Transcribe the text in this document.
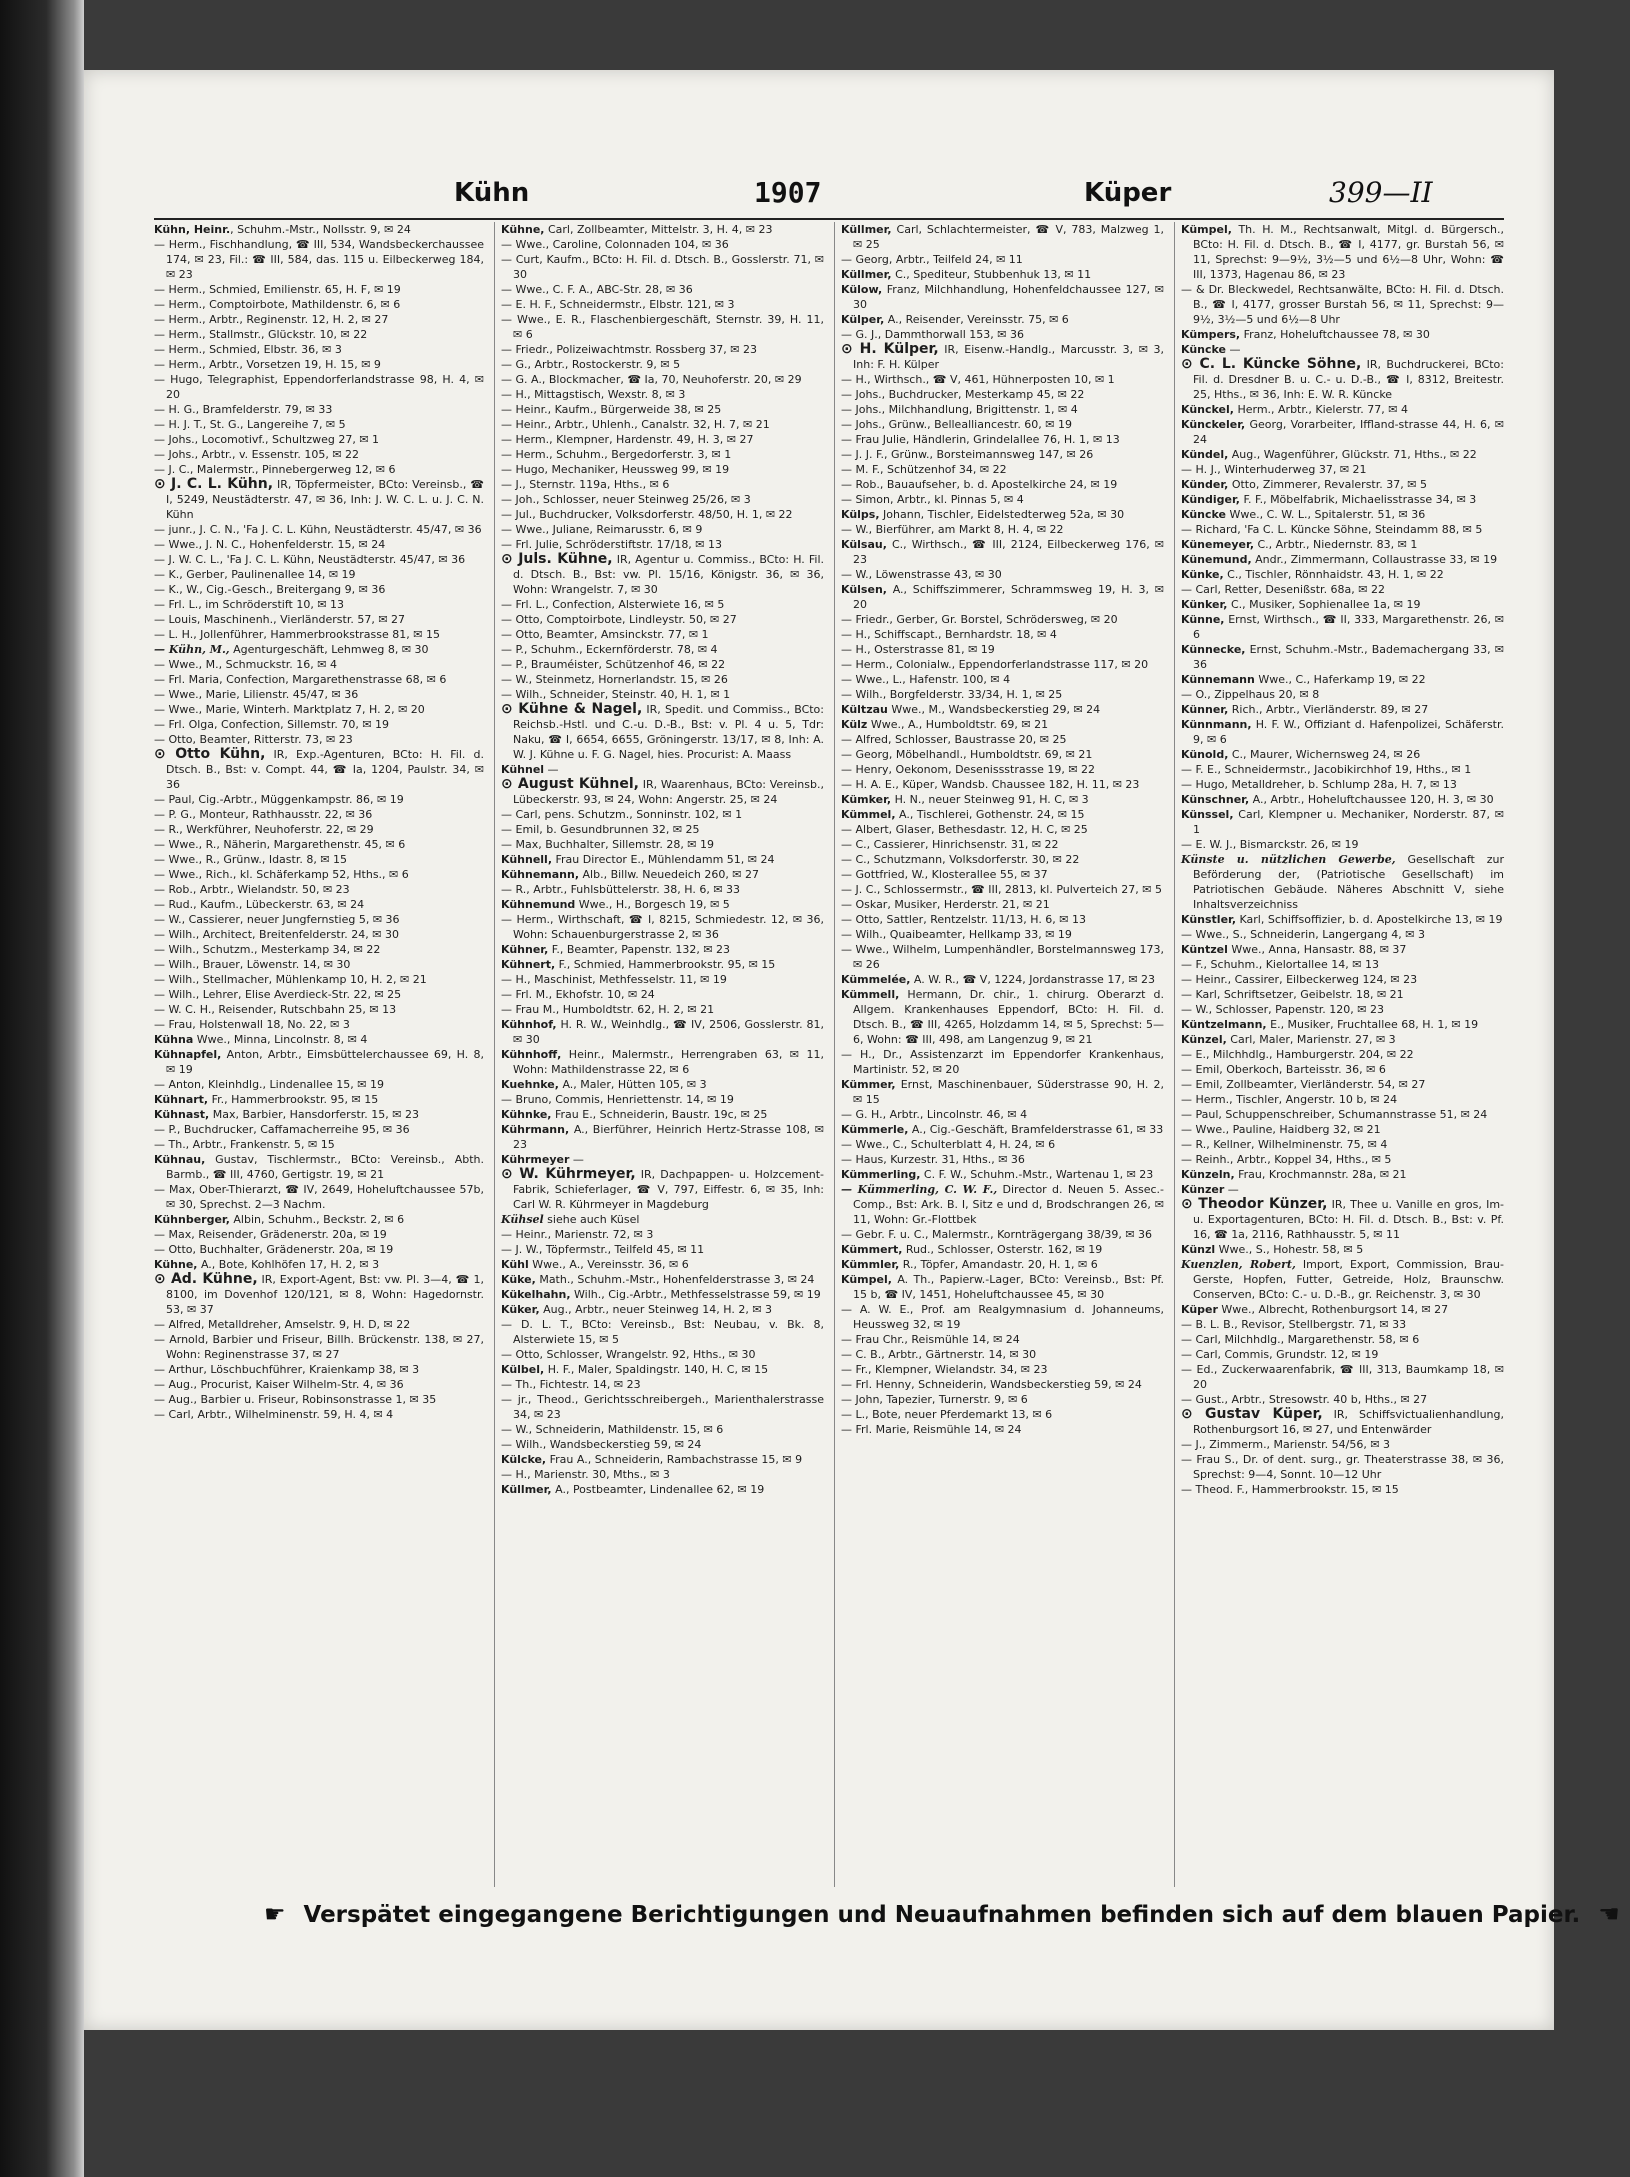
Kühn	1907	Küper	399—II
Kühn, Heinr., Schuhm.-Mstr., Nollsstr. 9, ✉ 24
— Herm., Fischhandlung, ☎ III, 534, Wandsbeckerchaussee 174, ✉ 23, Fil.: ☎ III, 584, das. 115 u. Eilbeckerweg 184, ✉ 23
— Herm., Schmied, Emilienstr. 65, H. F, ✉ 19
— Herm., Comptoirbote, Mathildenstr. 6, ✉ 6
— Herm., Arbtr., Reginenstr. 12, H. 2, ✉ 27
— Herm., Stallmstr., Glückstr. 10, ✉ 22
— Herm., Schmied, Elbstr. 36, ✉ 3
— Herm., Arbtr., Vorsetzen 19, H. 15, ✉ 9
— Hugo, Telegraphist, Eppendorferlandstrasse 98, H. 4, ✉ 20
— H. G., Bramfelderstr. 79, ✉ 33
— H. J. T., St. G., Langereihe 7, ✉ 5
— Johs., Locomotivf., Schultzweg 27, ✉ 1
— Johs., Arbtr., v. Essenstr. 105, ✉ 22
— J. C., Malermstr., Pinnebergerweg 12, ✉ 6
⊙ J. C. L. Kühn, IR, Töpfermeister, BCto: Vereinsb., ☎ I, 5249, Neustädterstr. 47, ✉ 36, Inh: J. W. C. L. u. J. C. N. Kühn
— junr., J. C. N., 'Fa J. C. L. Kühn, Neustädterstr. 45/47, ✉ 36
— Wwe., J. N. C., Hohenfelderstr. 15, ✉ 24
— J. W. C. L., 'Fa J. C. L. Kühn, Neustädterstr. 45/47, ✉ 36
— K., Gerber, Paulinenallee 14, ✉ 19
— K., W., Cig.-Gesch., Breitergang 9, ✉ 36
— Frl. L., im Schröderstift 10, ✉ 13
— Louis, Maschinenh., Vierländerstr. 57, ✉ 27
— L. H., Jollenführer, Hammerbrookstrasse 81, ✉ 15
— Kühn, M., Agenturgeschäft, Lehmweg 8, ✉ 30
— Wwe., M., Schmuckstr. 16, ✉ 4
— Frl. Maria, Confection, Margarethenstrasse 68, ✉ 6
— Wwe., Marie, Lilienstr. 45/47, ✉ 36
— Wwe., Marie, Winterh. Marktplatz 7, H. 2, ✉ 20
— Frl. Olga, Confection, Sillemstr. 70, ✉ 19
— Otto, Beamter, Ritterstr. 73, ✉ 23
⊙ Otto Kühn, IR, Exp.-Agenturen, BCto: H. Fil. d. Dtsch. B., Bst: v. Compt. 44, ☎ Ia, 1204, Paulstr. 34, ✉ 36
— Paul, Cig.-Arbtr., Müggenkampstr. 86, ✉ 19
— P. G., Monteur, Rathhausstr. 22, ✉ 36
— R., Werkführer, Neuhoferstr. 22, ✉ 29
— Wwe., R., Näherin, Margarethenstr. 45, ✉ 6
— Wwe., R., Grünw., Idastr. 8, ✉ 15
— Wwe., Rich., kl. Schäferkamp 52, Hths., ✉ 6
— Rob., Arbtr., Wielandstr. 50, ✉ 23
— Rud., Kaufm., Lübeckerstr. 63, ✉ 24
— W., Cassierer, neuer Jungfernstieg 5, ✉ 36
— Wilh., Architect, Breitenfelderstr. 24, ✉ 30
— Wilh., Schutzm., Mesterkamp 34, ✉ 22
— Wilh., Brauer, Löwenstr. 14, ✉ 30
— Wilh., Stellmacher, Mühlenkamp 10, H. 2, ✉ 21
— Wilh., Lehrer, Elise Averdieck-Str. 22, ✉ 25
— W. C. H., Reisender, Rutschbahn 25, ✉ 13
— Frau, Holstenwall 18, No. 22, ✉ 3
Kühna Wwe., Minna, Lincolnstr. 8, ✉ 4
Kühnapfel, Anton, Arbtr., Eimsbüttelerchaussee 69, H. 8, ✉ 19
— Anton, Kleinhdlg., Lindenallee 15, ✉ 19
Kühnart, Fr., Hammerbrookstr. 95, ✉ 15
Kühnast, Max, Barbier, Hansdorferstr. 15, ✉ 23
— P., Buchdrucker, Caffamacherreihe 95, ✉ 36
— Th., Arbtr., Frankenstr. 5, ✉ 15
Kühnau, Gustav, Tischlermstr., BCto: Vereinsb., Abth. Barmb., ☎ III, 4760, Gertigstr. 19, ✉ 21
— Max, Ober-Thierarzt, ☎ IV, 2649, Hoheluftchaussee 57b, ✉ 30, Sprechst. 2—3 Nachm.
Kühnberger, Albin, Schuhm., Beckstr. 2, ✉ 6
— Max, Reisender, Grädenerstr. 20a, ✉ 19
— Otto, Buchhalter, Grädenerstr. 20a, ✉ 19
Kühne, A., Bote, Kohlhöfen 17, H. 2, ✉ 3
⊙ Ad. Kühne, IR, Export-Agent, Bst: vw. Pl. 3—4, ☎ 1, 8100, im Dovenhof 120/121, ✉ 8, Wohn: Hagedornstr. 53, ✉ 37
— Alfred, Metalldreher, Amselstr. 9, H. D, ✉ 22
— Arnold, Barbier und Friseur, Billh. Brückenstr. 138, ✉ 27, Wohn: Reginenstrasse 37, ✉ 27
— Arthur, Löschbuchführer, Kraienkamp 38, ✉ 3
— Aug., Procurist, Kaiser Wilhelm-Str. 4, ✉ 36
— Aug., Barbier u. Friseur, Robinsonstrasse 1, ✉ 35
— Carl, Arbtr., Wilhelminenstr. 59, H. 4, ✉ 4
Kühne, Carl, Zollbeamter, Mittelstr. 3, H. 4, ✉ 23
— Wwe., Caroline, Colonnaden 104, ✉ 36
— Curt, Kaufm., BCto: H. Fil. d. Dtsch. B., Gosslerstr. 71, ✉ 30
— Wwe., C. F. A., ABC-Str. 28, ✉ 36
— E. H. F., Schneidermstr., Elbstr. 121, ✉ 3
— Wwe., E. R., Flaschenbiergeschäft, Sternstr. 39, H. 11, ✉ 6
— Friedr., Polizeiwachtmstr. Rossberg 37, ✉ 23
— G., Arbtr., Rostockerstr. 9, ✉ 5
— G. A., Blockmacher, ☎ Ia, 70, Neuhoferstr. 20, ✉ 29
— H., Mittagstisch, Wexstr. 8, ✉ 3
— Heinr., Kaufm., Bürgerweide 38, ✉ 25
— Heinr., Arbtr., Uhlenh., Canalstr. 32, H. 7, ✉ 21
— Herm., Klempner, Hardenstr. 49, H. 3, ✉ 27
— Herm., Schuhm., Bergedorferstr. 3, ✉ 1
— Hugo, Mechaniker, Heussweg 99, ✉ 19
— J., Sternstr. 119a, Hths., ✉ 6
— Joh., Schlosser, neuer Steinweg 25/26, ✉ 3
— Jul., Buchdrucker, Volksdorferstr. 48/50, H. 1, ✉ 22
— Wwe., Juliane, Reimarusstr. 6, ✉ 9
— Frl. Julie, Schröderstiftstr. 17/18, ✉ 13
⊙ Juls. Kühne, IR, Agentur u. Commiss., BCto: H. Fil. d. Dtsch. B., Bst: vw. Pl. 15/16, Königstr. 36, ✉ 36, Wohn: Wrangelstr. 7, ✉ 30
— Frl. L., Confection, Alsterwiete 16, ✉ 5
— Otto, Comptoirbote, Lindleystr. 50, ✉ 27
— Otto, Beamter, Amsinckstr. 77, ✉ 1
— P., Schuhm., Eckernförderstr. 78, ✉ 4
— P., Brauméister, Schützenhof 46, ✉ 22
— W., Steinmetz, Hornerlandstr. 15, ✉ 26
— Wilh., Schneider, Steinstr. 40, H. 1, ✉ 1
⊙ Kühne & Nagel, IR, Spedit. und Commiss., BCto: Reichsb.-Hstl. und C.-u. D.-B., Bst: v. Pl. 4 u. 5, Tdr: Naku, ☎ I, 6654, 6655, Gröningerstr. 13/17, ✉ 8, Inh: A. W. J. Kühne u. F. G. Nagel, hies. Procurist: A. Maass
Kühnel —
⊙ August Kühnel, IR, Waarenhaus, BCto: Vereinsb., Lübeckerstr. 93, ✉ 24, Wohn: Angerstr. 25, ✉ 24
— Carl, pens. Schutzm., Sonninstr. 102, ✉ 1
— Emil, b. Gesundbrunnen 32, ✉ 25
— Max, Buchhalter, Sillemstr. 28, ✉ 19
Kühnell, Frau Director E., Mühlendamm 51, ✉ 24
Kühnemann, Alb., Billw. Neuedeich 260, ✉ 27
— R., Arbtr., Fuhlsbüttelerstr. 38, H. 6, ✉ 33
Kühnemund Wwe., H., Borgesch 19, ✉ 5
— Herm., Wirthschaft, ☎ I, 8215, Schmiedestr. 12, ✉ 36, Wohn: Schauenburgerstrasse 2, ✉ 36
Kühner, F., Beamter, Papenstr. 132, ✉ 23
Kühnert, F., Schmied, Hammerbrookstr. 95, ✉ 15
— H., Maschinist, Methfesselstr. 11, ✉ 19
— Frl. M., Ekhofstr. 10, ✉ 24
— Frau M., Humboldtstr. 62, H. 2, ✉ 21
Kühnhof, H. R. W., Weinhdlg., ☎ IV, 2506, Gosslerstr. 81, ✉ 30
Kühnhoff, Heinr., Malermstr., Herrengraben 63, ✉ 11, Wohn: Mathildenstrasse 22, ✉ 6
Kuehnke, A., Maler, Hütten 105, ✉ 3
— Bruno, Commis, Henriettenstr. 14, ✉ 19
Kühnke, Frau E., Schneiderin, Baustr. 19c, ✉ 25
Kührmann, A., Bierführer, Heinrich Hertz-Strasse 108, ✉ 23
Kührmeyer —
⊙ W. Kührmeyer, IR, Dachpappen- u. Holzcement-Fabrik, Schieferlager, ☎ V, 797, Eiffestr. 6, ✉ 35, Inh: Carl W. R. Kührmeyer in Magdeburg
Kühsel siehe auch Küsel
— Heinr., Marienstr. 72, ✉ 3
— J. W., Töpfermstr., Teilfeld 45, ✉ 11
Kühl Wwe., A., Vereinsstr. 36, ✉ 6
Küke, Math., Schuhm.-Mstr., Hohenfelderstrasse 3, ✉ 24
Kükelhahn, Wilh., Cig.-Arbtr., Methfesselstrasse 59, ✉ 19
Küker, Aug., Arbtr., neuer Steinweg 14, H. 2, ✉ 3
— D. L. T., BCto: Vereinsb., Bst: Neubau, v. Bk. 8, Alsterwiete 15, ✉ 5
— Otto, Schlosser, Wrangelstr. 92, Hths., ✉ 30
Külbel, H. F., Maler, Spaldingstr. 140, H. C, ✉ 15
— Th., Fichtestr. 14, ✉ 23
— jr., Theod., Gerichtsschreibergeh., Marienthalerstrasse 34, ✉ 23
— W., Schneiderin, Mathildenstr. 15, ✉ 6
— Wilh., Wandsbeckerstieg 59, ✉ 24
Külcke, Frau A., Schneiderin, Rambachstrasse 15, ✉ 9
— H., Marienstr. 30, Mths., ✉ 3
Küllmer, A., Postbeamter, Lindenallee 62, ✉ 19
Küllmer, Carl, Schlachtermeister, ☎ V, 783, Malzweg 1, ✉ 25
— Georg, Arbtr., Teilfeld 24, ✉ 11
Küllmer, C., Spediteur, Stubbenhuk 13, ✉ 11
Külow, Franz, Milchhandlung, Hohenfeldchaussee 127, ✉ 30
Külper, A., Reisender, Vereinsstr. 75, ✉ 6
— G. J., Dammthorwall 153, ✉ 36
⊙ H. Külper, IR, Eisenw.-Handlg., Marcusstr. 3, ✉ 3, Inh: F. H. Külper
— H., Wirthsch., ☎ V, 461, Hühnerposten 10, ✉ 1
— Johs., Buchdrucker, Mesterkamp 45, ✉ 22
— Johs., Milchhandlung, Brigittenstr. 1, ✉ 4
— Johs., Grünw., Bellealliancestr. 60, ✉ 19
— Frau Julie, Händlerin, Grindelallee 76, H. 1, ✉ 13
— J. J. F., Grünw., Borsteimannsweg 147, ✉ 26
— M. F., Schützenhof 34, ✉ 22
— Rob., Bauaufseher, b. d. Apostelkirche 24, ✉ 19
— Simon, Arbtr., kl. Pinnas 5, ✉ 4
Külps, Johann, Tischler, Eidelstedterweg 52a, ✉ 30
— W., Bierführer, am Markt 8, H. 4, ✉ 22
Külsau, C., Wirthsch., ☎ III, 2124, Eilbeckerweg 176, ✉ 23
— W., Löwenstrasse 43, ✉ 30
Külsen, A., Schiffszimmerer, Schrammsweg 19, H. 3, ✉ 20
— Friedr., Gerber, Gr. Borstel, Schrödersweg, ✉ 20
— H., Schiffscapt., Bernhardstr. 18, ✉ 4
— H., Osterstrasse 81, ✉ 19
— Herm., Colonialw., Eppendorferlandstrasse 117, ✉ 20
— Wwe., L., Hafenstr. 100, ✉ 4
— Wilh., Borgfelderstr. 33/34, H. 1, ✉ 25
Kültzau Wwe., M., Wandsbeckerstieg 29, ✉ 24
Külz Wwe., A., Humboldtstr. 69, ✉ 21
— Alfred, Schlosser, Baustrasse 20, ✉ 25
— Georg, Möbelhandl., Humboldtstr. 69, ✉ 21
— Henry, Oekonom, Desenissstrasse 19, ✉ 22
— H. A. E., Küper, Wandsb. Chaussee 182, H. 11, ✉ 23
Kümker, H. N., neuer Steinweg 91, H. C, ✉ 3
Kümmel, A., Tischlerei, Gothenstr. 24, ✉ 15
— Albert, Glaser, Bethesdastr. 12, H. C, ✉ 25
— C., Cassierer, Hinrichsenstr. 31, ✉ 22
— C., Schutzmann, Volksdorferstr. 30, ✉ 22
— Gottfried, W., Klosterallee 55, ✉ 37
— J. C., Schlossermstr., ☎ III, 2813, kl. Pulverteich 27, ✉ 5
— Oskar, Musiker, Herderstr. 21, ✉ 21
— Otto, Sattler, Rentzelstr. 11/13, H. 6, ✉ 13
— Wilh., Quaibeamter, Hellkamp 33, ✉ 19
— Wwe., Wilhelm, Lumpenhändler, Borstelmannsweg 173, ✉ 26
Kümmelée, A. W. R., ☎ V, 1224, Jordanstrasse 17, ✉ 23
Kümmell, Hermann, Dr. chir., 1. chirurg. Oberarzt d. Allgem. Krankenhauses Eppendorf, BCto: H. Fil. d. Dtsch. B., ☎ III, 4265, Holzdamm 14, ✉ 5, Sprechst: 5—6, Wohn: ☎ III, 498, am Langenzug 9, ✉ 21
— H., Dr., Assistenzarzt im Eppendorfer Krankenhaus, Martinistr. 52, ✉ 20
Kümmer, Ernst, Maschinenbauer, Süderstrasse 90, H. 2, ✉ 15
— G. H., Arbtr., Lincolnstr. 46, ✉ 4
Kümmerle, A., Cig.-Geschäft, Bramfelderstrasse 61, ✉ 33
— Wwe., C., Schulterblatt 4, H. 24, ✉ 6
— Haus, Kurzestr. 31, Hths., ✉ 36
Kümmerling, C. F. W., Schuhm.-Mstr., Wartenau 1, ✉ 23
— Kümmerling, C. W. F., Director d. Neuen 5. Assec.-Comp., Bst: Ark. B. I, Sitz e und d, Brodschrangen 26, ✉ 11, Wohn: Gr.-Flottbek
— Gebr. F. u. C., Malermstr., Kornträgergang 38/39, ✉ 36
Kümmert, Rud., Schlosser, Osterstr. 162, ✉ 19
Kümmler, R., Töpfer, Amandastr. 20, H. 1, ✉ 6
Kümpel, A. Th., Papierw.-Lager, BCto: Vereinsb., Bst: Pf. 15 b, ☎ IV, 1451, Hoheluftchaussee 45, ✉ 30
— A. W. E., Prof. am Realgymnasium d. Johanneums, Heussweg 32, ✉ 19
— Frau Chr., Reismühle 14, ✉ 24
— C. B., Arbtr., Gärtnerstr. 14, ✉ 30
— Fr., Klempner, Wielandstr. 34, ✉ 23
— Frl. Henny, Schneiderin, Wandsbeckerstieg 59, ✉ 24
— John, Tapezier, Turnerstr. 9, ✉ 6
— L., Bote, neuer Pferdemarkt 13, ✉ 6
— Frl. Marie, Reismühle 14, ✉ 24
Kümpel, Th. H. M., Rechtsanwalt, Mitgl. d. Bürgersch., BCto: H. Fil. d. Dtsch. B., ☎ I, 4177, gr. Burstah 56, ✉ 11, Sprechst: 9—9½, 3½—5 und 6½—8 Uhr, Wohn: ☎ III, 1373, Hagenau 86, ✉ 23
— & Dr. Bleckwedel, Rechtsanwälte, BCto: H. Fil. d. Dtsch. B., ☎ I, 4177, grosser Burstah 56, ✉ 11, Sprechst: 9—9½, 3½—5 und 6½—8 Uhr
Kümpers, Franz, Hoheluftchaussee 78, ✉ 30
Küncke —
⊙ C. L. Küncke Söhne, IR, Buchdruckerei, BCto: Fil. d. Dresdner B. u. C.- u. D.-B., ☎ I, 8312, Breitestr. 25, Hths., ✉ 36, Inh: E. W. R. Küncke
Künckel, Herm., Arbtr., Kielerstr. 77, ✉ 4
Künckeler, Georg, Vorarbeiter, Iffland-strasse 44, H. 6, ✉ 24
Kündel, Aug., Wagenführer, Glückstr. 71, Hths., ✉ 22
— H. J., Winterhuderweg 37, ✉ 21
Künder, Otto, Zimmerer, Revalerstr. 37, ✉ 5
Kündiger, F. F., Möbelfabrik, Michaelisstrasse 34, ✉ 3
Küncke Wwe., C. W. L., Spitalerstr. 51, ✉ 36
— Richard, 'Fa C. L. Küncke Söhne, Steindamm 88, ✉ 5
Künemeyer, C., Arbtr., Niedernstr. 83, ✉ 1
Künemund, Andr., Zimmermann, Collaustrasse 33, ✉ 19
Künke, C., Tischler, Rönnhaidstr. 43, H. 1, ✉ 22
— Carl, Retter, Desenißstr. 68a, ✉ 22
Künker, C., Musiker, Sophienallee 1a, ✉ 19
Künne, Ernst, Wirthsch., ☎ II, 333, Margarethenstr. 26, ✉ 6
Künnecke, Ernst, Schuhm.-Mstr., Bademachergang 33, ✉ 36
Künnemann Wwe., C., Haferkamp 19, ✉ 22
— O., Zippelhaus 20, ✉ 8
Künner, Rich., Arbtr., Vierländerstr. 89, ✉ 27
Künnmann, H. F. W., Offiziant d. Hafenpolizei, Schäferstr. 9, ✉ 6
Künold, C., Maurer, Wichernsweg 24, ✉ 26
— F. E., Schneidermstr., Jacobikirchhof 19, Hths., ✉ 1
— Hugo, Metalldreher, b. Schlump 28a, H. 7, ✉ 13
Künschner, A., Arbtr., Hoheluftchaussee 120, H. 3, ✉ 30
Künssel, Carl, Klempner u. Mechaniker, Norderstr. 87, ✉ 1
— E. W. J., Bismarckstr. 26, ✉ 19
Künste u. nützlichen Gewerbe, Gesellschaft zur Beförderung der, (Patriotische Gesellschaft) im Patriotischen Gebäude. Näheres Abschnitt V, siehe Inhaltsverzeichniss
Künstler, Karl, Schiffsoffizier, b. d. Apostelkirche 13, ✉ 19
— Wwe., S., Schneiderin, Langergang 4, ✉ 3
Küntzel Wwe., Anna, Hansastr. 88, ✉ 37
— F., Schuhm., Kielortallee 14, ✉ 13
— Heinr., Cassirer, Eilbeckerweg 124, ✉ 23
— Karl, Schriftsetzer, Geibelstr. 18, ✉ 21
— W., Schlosser, Papenstr. 120, ✉ 23
Küntzelmann, E., Musiker, Fruchtallee 68, H. 1, ✉ 19
Künzel, Carl, Maler, Marienstr. 27, ✉ 3
— E., Milchhdlg., Hamburgerstr. 204, ✉ 22
— Emil, Oberkoch, Barteisstr. 36, ✉ 6
— Emil, Zollbeamter, Vierländerstr. 54, ✉ 27
— Herm., Tischler, Angerstr. 10 b, ✉ 24
— Paul, Schuppenschreiber, Schumannstrasse 51, ✉ 24
— Wwe., Pauline, Haidberg 32, ✉ 21
— R., Kellner, Wilhelminenstr. 75, ✉ 4
— Reinh., Arbtr., Koppel 34, Hths., ✉ 5
Künzeln, Frau, Krochmannstr. 28a, ✉ 21
Künzer —
⊙ Theodor Künzer, IR, Thee u. Vanille en gros, Im- u. Exportagenturen, BCto: H. Fil. d. Dtsch. B., Bst: v. Pf. 16, ☎ 1a, 2116, Rathhausstr. 5, ✉ 11
Künzl Wwe., S., Hohestr. 58, ✉ 5
Kuenzlen, Robert, Import, Export, Commission, Brau-Gerste, Hopfen, Futter, Getreide, Holz, Braunschw. Conserven, BCto: C.- u. D.-B., gr. Reichenstr. 3, ✉ 30
Küper Wwe., Albrecht, Rothenburgsort 14, ✉ 27
— B. L. B., Revisor, Stellbergstr. 71, ✉ 33
— Carl, Milchhdlg., Margarethenstr. 58, ✉ 6
— Carl, Commis, Grundstr. 12, ✉ 19
— Ed., Zuckerwaarenfabrik, ☎ III, 313, Baumkamp 18, ✉ 20
— Gust., Arbtr., Stresowstr. 40 b, Hths., ✉ 27
⊙ Gustav Küper, IR, Schiffsvictualienhandlung, Rothenburgsort 16, ✉ 27, und Entenwärder
— J., Zimmerm., Marienstr. 54/56, ✉ 3
— Frau S., Dr. of dent. surg., gr. Theaterstrasse 38, ✉ 36, Sprechst: 9—4, Sonnt. 10—12 Uhr
— Theod. F., Hammerbrookstr. 15, ✉ 15
☛ Verspätet eingegangene Berichtigungen und Neuaufnahmen befinden sich auf dem blauen Papier. ☚
